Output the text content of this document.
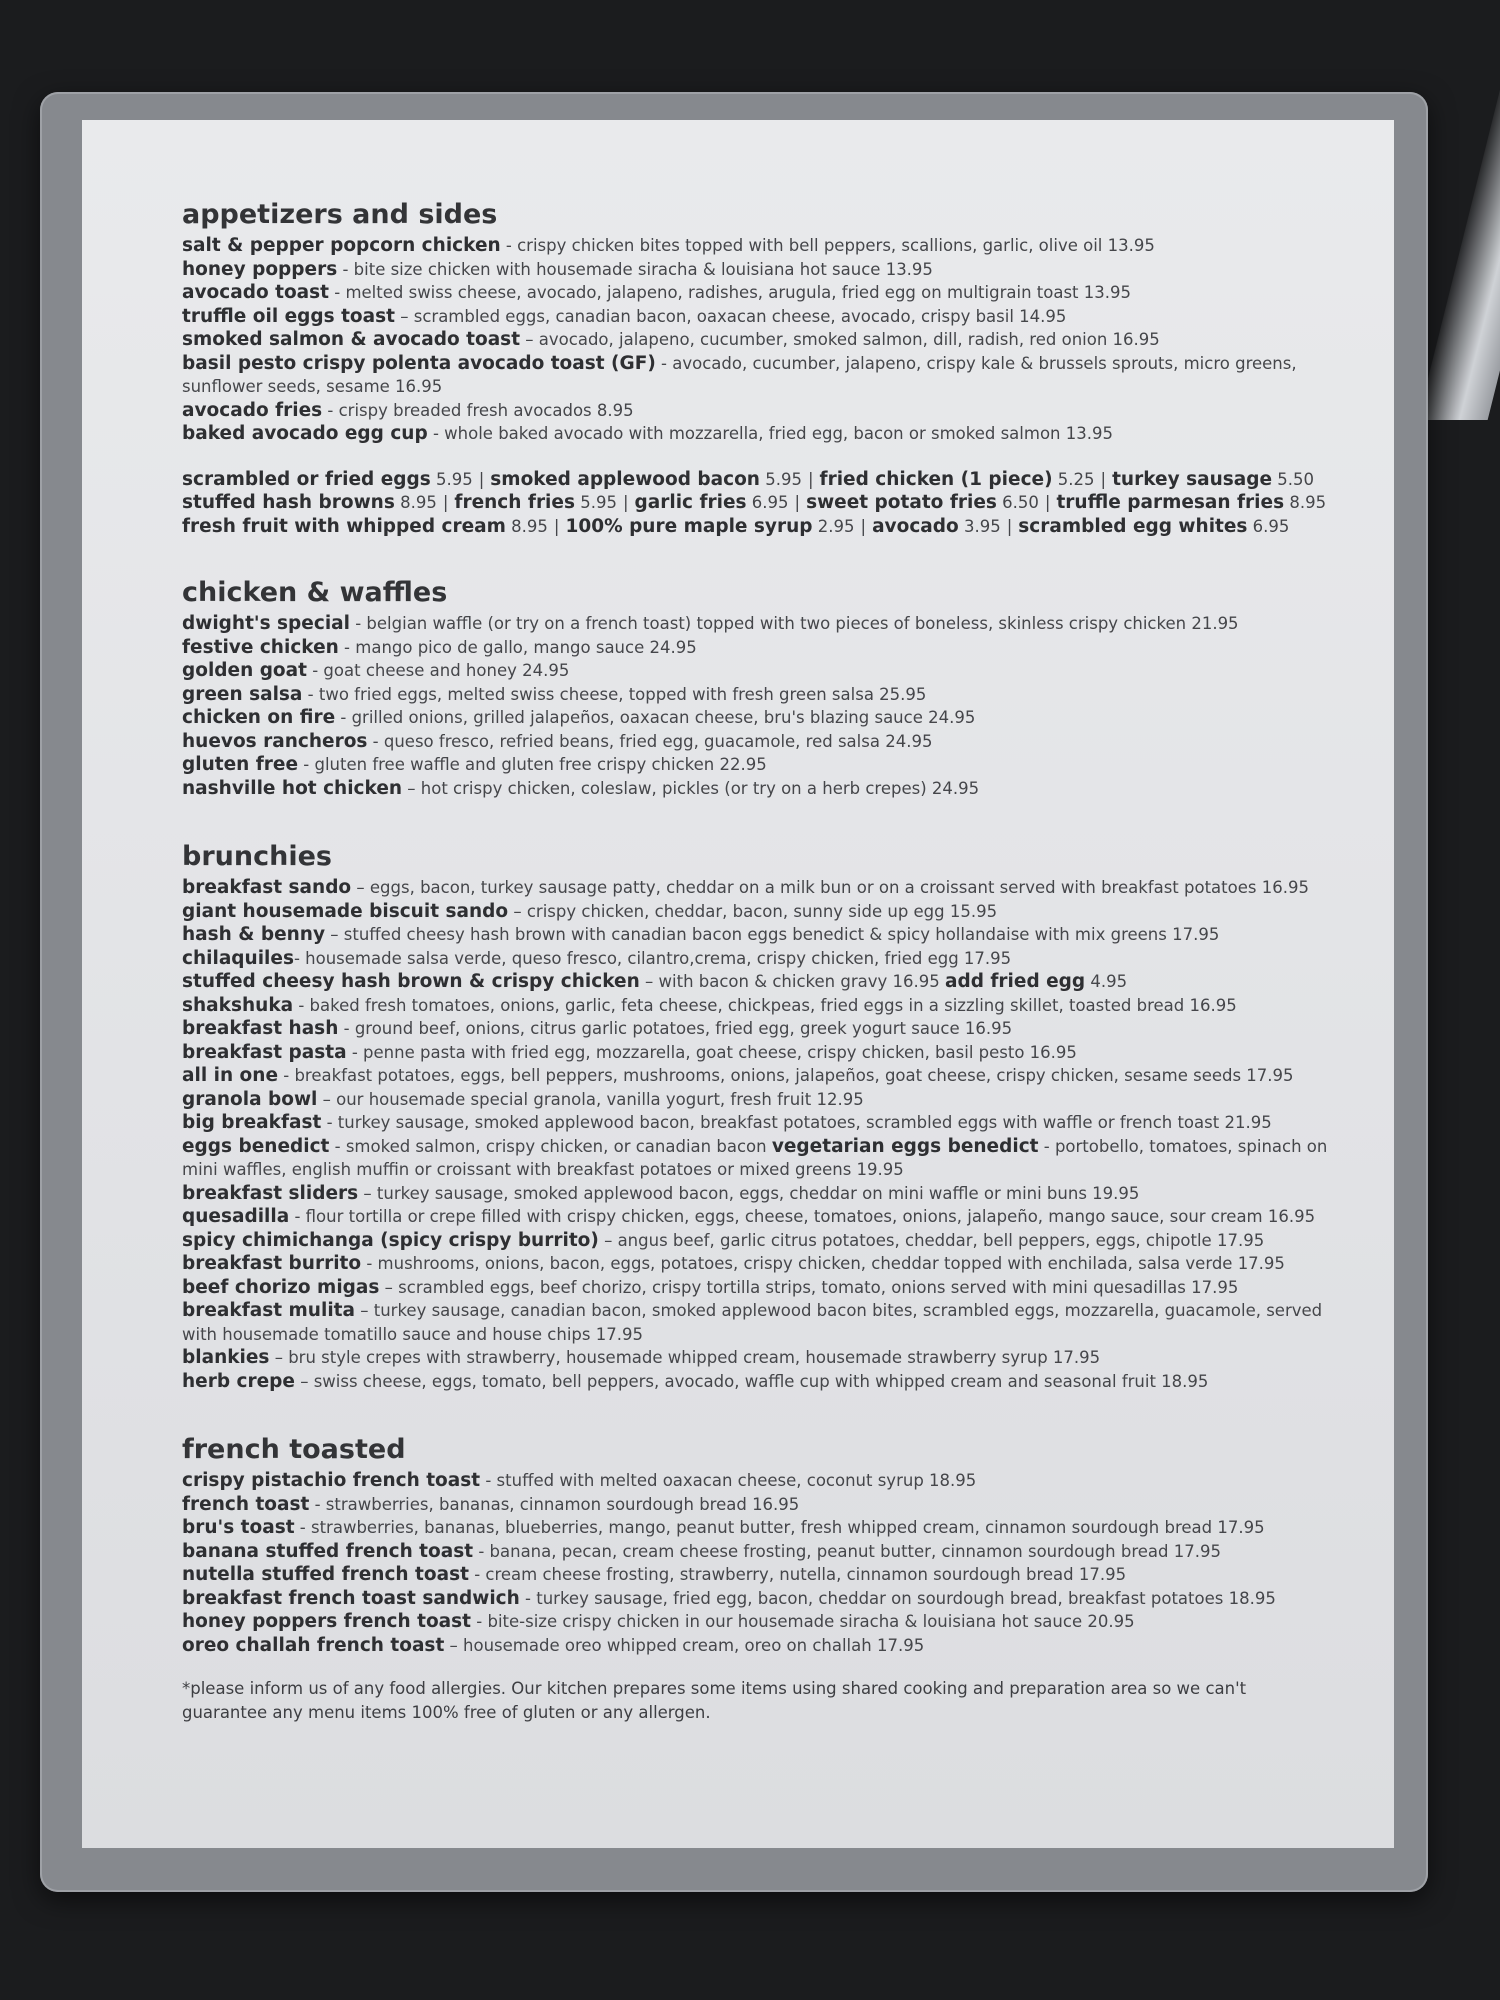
appetizers and sides
salt & pepper popcorn chicken - crispy chicken bites topped with bell peppers, scallions, garlic, olive oil 13.95
honey poppers - bite size chicken with housemade siracha & louisiana hot sauce 13.95
avocado toast - melted swiss cheese, avocado, jalapeno, radishes, arugula, fried egg on multigrain toast 13.95
truffle oil eggs toast – scrambled eggs, canadian bacon, oaxacan cheese, avocado, crispy basil 14.95
smoked salmon & avocado toast – avocado, jalapeno, cucumber, smoked salmon, dill, radish, red onion 16.95
basil pesto crispy polenta avocado toast (GF) - avocado, cucumber, jalapeno, crispy kale & brussels sprouts, micro greens, sunflower seeds, sesame 16.95
avocado fries - crispy breaded fresh avocados 8.95
baked avocado egg cup - whole baked avocado with mozzarella, fried egg, bacon or smoked salmon 13.95
scrambled or fried eggs 5.95 | smoked applewood bacon 5.95 | fried chicken (1 piece) 5.25 | turkey sausage 5.50
stuffed hash browns 8.95 | french fries 5.95 | garlic fries 6.95 | sweet potato fries 6.50 | truffle parmesan fries 8.95
fresh fruit with whipped cream 8.95 | 100% pure maple syrup 2.95 | avocado 3.95 | scrambled egg whites 6.95
chicken & waffles
dwight's special - belgian waffle (or try on a french toast) topped with two pieces of boneless, skinless crispy chicken 21.95
festive chicken - mango pico de gallo, mango sauce 24.95
golden goat - goat cheese and honey 24.95
green salsa - two fried eggs, melted swiss cheese, topped with fresh green salsa 25.95
chicken on fire - grilled onions, grilled jalapeños, oaxacan cheese, bru's blazing sauce 24.95
huevos rancheros - queso fresco, refried beans, fried egg, guacamole, red salsa 24.95
gluten free - gluten free waffle and gluten free crispy chicken 22.95
nashville hot chicken – hot crispy chicken, coleslaw, pickles (or try on a herb crepes) 24.95
brunchies
breakfast sando – eggs, bacon, turkey sausage patty, cheddar on a milk bun or on a croissant served with breakfast potatoes 16.95
giant housemade biscuit sando – crispy chicken, cheddar, bacon, sunny side up egg 15.95
hash & benny – stuffed cheesy hash brown with canadian bacon eggs benedict & spicy hollandaise with mix greens 17.95
chilaquiles- housemade salsa verde, queso fresco, cilantro,crema, crispy chicken, fried egg 17.95
stuffed cheesy hash brown & crispy chicken – with bacon & chicken gravy 16.95 add fried egg 4.95
shakshuka - baked fresh tomatoes, onions, garlic, feta cheese, chickpeas, fried eggs in a sizzling skillet, toasted bread 16.95
breakfast hash - ground beef, onions, citrus garlic potatoes, fried egg, greek yogurt sauce 16.95
breakfast pasta - penne pasta with fried egg, mozzarella, goat cheese, crispy chicken, basil pesto 16.95
all in one - breakfast potatoes, eggs, bell peppers, mushrooms, onions, jalapeños, goat cheese, crispy chicken, sesame seeds 17.95
granola bowl – our housemade special granola, vanilla yogurt, fresh fruit 12.95
big breakfast - turkey sausage, smoked applewood bacon, breakfast potatoes, scrambled eggs with waffle or french toast 21.95
eggs benedict - smoked salmon, crispy chicken, or canadian bacon vegetarian eggs benedict - portobello, tomatoes, spinach on mini waffles, english muffin or croissant with breakfast potatoes or mixed greens 19.95
breakfast sliders – turkey sausage, smoked applewood bacon, eggs, cheddar on mini waffle or mini buns 19.95
quesadilla - flour tortilla or crepe filled with crispy chicken, eggs, cheese, tomatoes, onions, jalapeño, mango sauce, sour cream 16.95
spicy chimichanga (spicy crispy burrito) – angus beef, garlic citrus potatoes, cheddar, bell peppers, eggs, chipotle 17.95
breakfast burrito - mushrooms, onions, bacon, eggs, potatoes, crispy chicken, cheddar topped with enchilada, salsa verde 17.95
beef chorizo migas – scrambled eggs, beef chorizo, crispy tortilla strips, tomato, onions served with mini quesadillas 17.95
breakfast mulita – turkey sausage, canadian bacon, smoked applewood bacon bites, scrambled eggs, mozzarella, guacamole, served with housemade tomatillo sauce and house chips 17.95
blankies – bru style crepes with strawberry, housemade whipped cream, housemade strawberry syrup 17.95
herb crepe – swiss cheese, eggs, tomato, bell peppers, avocado, waffle cup with whipped cream and seasonal fruit 18.95
french toasted
crispy pistachio french toast - stuffed with melted oaxacan cheese, coconut syrup 18.95
french toast - strawberries, bananas, cinnamon sourdough bread 16.95
bru's toast - strawberries, bananas, blueberries, mango, peanut butter, fresh whipped cream, cinnamon sourdough bread 17.95
banana stuffed french toast - banana, pecan, cream cheese frosting, peanut butter, cinnamon sourdough bread 17.95
nutella stuffed french toast - cream cheese frosting, strawberry, nutella, cinnamon sourdough bread 17.95
breakfast french toast sandwich - turkey sausage, fried egg, bacon, cheddar on sourdough bread, breakfast potatoes 18.95
honey poppers french toast - bite-size crispy chicken in our housemade siracha & louisiana hot sauce 20.95
oreo challah french toast – housemade oreo whipped cream, oreo on challah 17.95
*please inform us of any food allergies. Our kitchen prepares some items using shared cooking and preparation area so we can't guarantee any menu items 100% free of gluten or any allergen.
